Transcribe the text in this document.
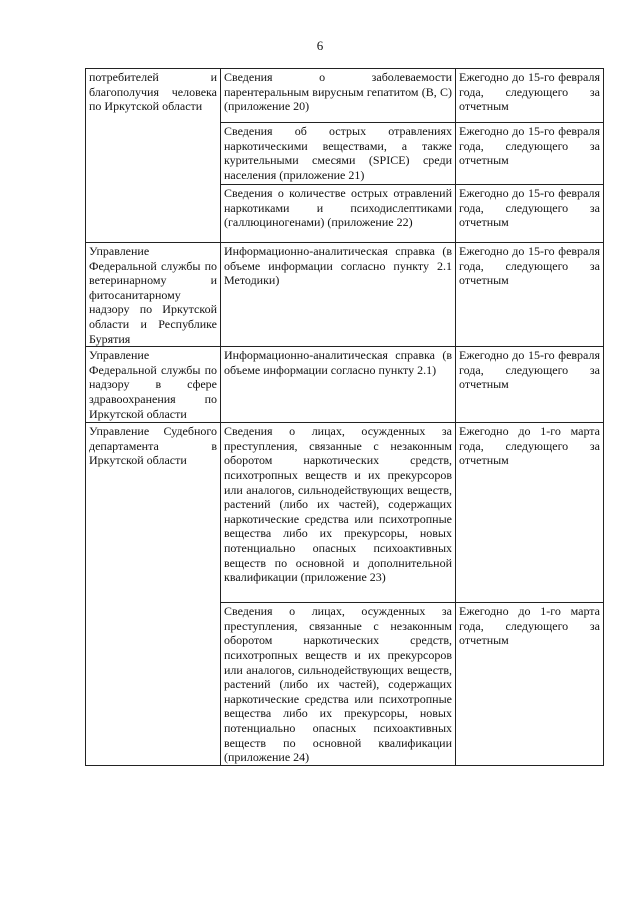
6
потребителей и благополучия человека по Иркутской области	Сведения о заболеваемости парентеральным вирусным гепатитом (В, С) (приложение 20)	Ежегодно до 15-го февраля года, следующего за отчетным

	Сведения об острых отравлениях наркотическими веществами, а также курительными смесями (SPICE) среди населения (приложение 21)	Ежегодно до 15-го февраля года, следующего за отчетным

	Сведения о количестве острых отравлений наркотиками и психодислептиками (галлюциногенами) (приложение 22)	Ежегодно до 15-го февраля года, следующего за отчетным

Управление Федеральной службы по ветеринарному и фитосанитарному надзору по Иркутской области и Республике Бурятия	Информационно-аналитическая справка (в объеме информации согласно пункту 2.1 Методики)	Ежегодно до 15-го февраля года, следующего за отчетным

Управление Федеральной службы по надзору в сфере здравоохранения по Иркутской области	Информационно-аналитическая справка (в объеме информации согласно пункту 2.1)	Ежегодно до 15-го февраля года, следующего за отчетным

Управление Судебного департамента в Иркутской области	Сведения о лицах, осужденных за преступления, связанные с незаконным оборотом наркотических средств, психотропных веществ и их прекурсоров или аналогов, сильнодействующих веществ, растений (либо их частей), содержащих наркотические средства или психотропные вещества либо их прекурсоры, новых потенциально опасных психоактивных веществ по основной и дополнительной квалификации (приложение 23)	Ежегодно до 1-го марта года, следующего за отчетным

	Сведения о лицах, осужденных за преступления, связанные с незаконным оборотом наркотических средств, психотропных веществ и их прекурсоров или аналогов, сильнодействующих веществ, растений (либо их частей), содержащих наркотические средства или психотропные вещества либо их прекурсоры, новых потенциально опасных психоактивных веществ по основной квалификации (приложение 24)	Ежегодно до 1-го марта года, следующего за отчетным
